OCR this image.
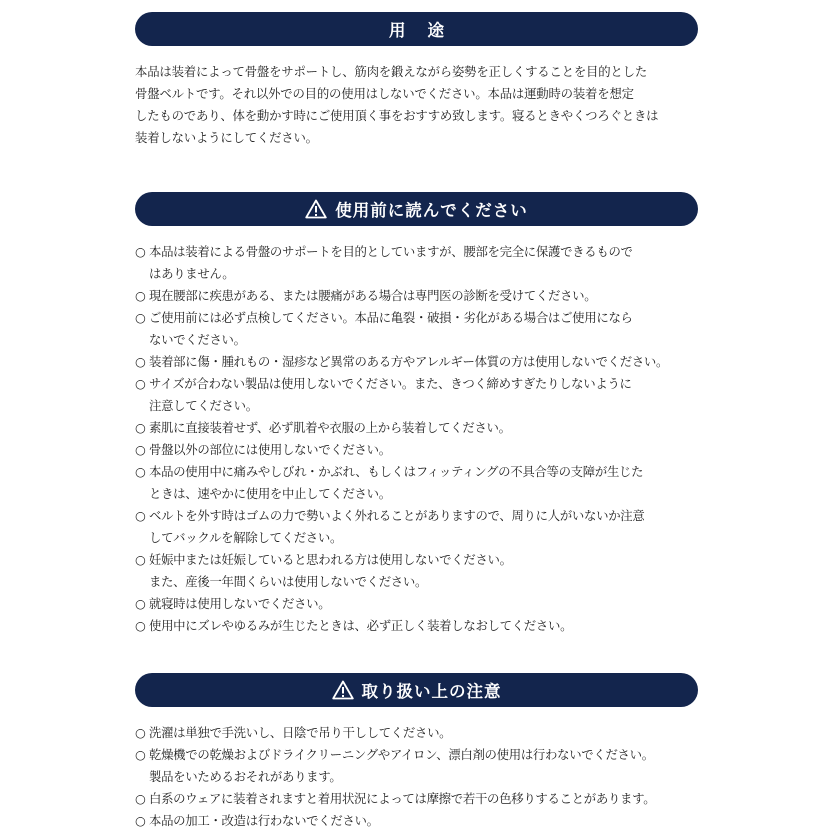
用途

本品は装着によって骨盤をサポートし、筋肉を鍛えながら姿勢を正しくすることを目的とした
骨盤ベルトです。それ以外での目的の使用はしないでください。本品は運動時の装着を想定
したものであり、体を動かす時にご使用頂く事をおすすめ致します。寝るときやくつろぐときは
装着しないようにしてください。

使用前に読んでください
○ 本品は装着による骨盤のサポートを目的としていますが、腰部を完全に保護できるもので
はありません。
○ 現在腰部に疾患がある、または腰痛がある場合は専門医の診断を受けてください。
○ ご使用前には必ず点検してください。本品に亀裂・破損・劣化がある場合はご使用になら
ないでください。
○ 装着部に傷・腫れもの・湿疹など異常のある方やアレルギー体質の方は使用しないでください。
○ サイズが合わない製品は使用しないでください。また、きつく締めすぎたりしないように
注意してください。
○ 素肌に直接装着せず、必ず肌着や衣服の上から装着してください。
○ 骨盤以外の部位には使用しないでください。
○ 本品の使用中に痛みやしびれ・かぶれ、もしくはフィッティングの不具合等の支障が生じた
ときは、速やかに使用を中止してください。
○ ベルトを外す時はゴムの力で勢いよく外れることがありますので、周りに人がいないか注意
してバックルを解除してください。
○ 妊娠中または妊娠していると思われる方は使用しないでください。
また、産後一年間くらいは使用しないでください。
○ 就寝時は使用しないでください。
○ 使用中にズレやゆるみが生じたときは、必ず正しく装着しなおしてください。
取り扱い上の注意
○ 洗濯は単独で手洗いし、日陰で吊り干ししてください。
○ 乾燥機での乾燥およびドライクリーニングやアイロン、漂白剤の使用は行わないでください。
製品をいためるおそれがあります。
○ 白系のウェアに装着されますと着用状況によっては摩擦で若干の色移りすることがあります。
○ 本品の加工・改造は行わないでください。
